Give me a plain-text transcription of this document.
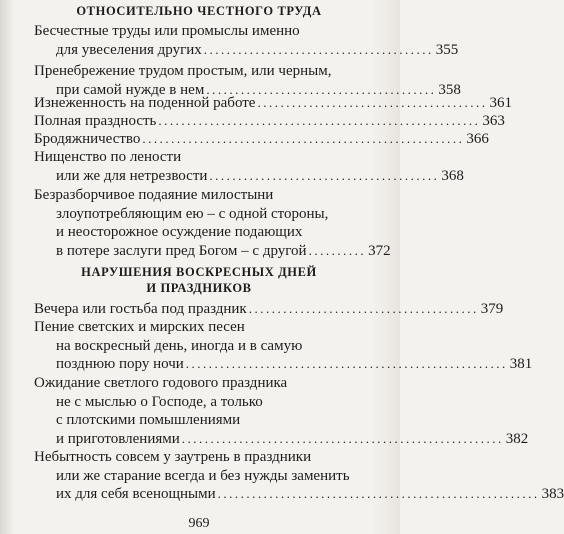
ОТНОСИТЕЛЬНО ЧЕСТНОГО ТРУДА
Бесчестные труды или промыслы именно
для увеселения других ........................................ 355
Пренебрежение трудом простым, или черным,
при самой нужде в нем ........................................ 358
Изнеженность на поденной работе ........................................ 361
Полная праздность ........................................................ 363
Бродяжничество ........................................................ 366
Нищенство по лености
или же для нетрезвости ........................................ 368
Безразборчивое подаяние милостыни
злоупотребляющим ею – с одной стороны,
и неосторожное осуждение подающих
в потере заслуги пред Богом – с другой .......... 372
НАРУШЕНИЯ ВОСКРЕСНЫХ ДНЕЙ
И ПРАЗДНИКОВ
Вечера или гостьба под праздник ........................................ 379
Пение светских и мирских песен
на воскресный день, иногда и в самую
позднюю пору ночи ........................................................ 381
Ожидание светлого годового праздника
не с мыслью о Господе, а только
с плотскими помышлениями
и приготовлениями ........................................................ 382
Небытность совсем у заутрень в праздники
или же старание всегда и без нужды заменить
их для себя всенощными ........................................................ 383
969
